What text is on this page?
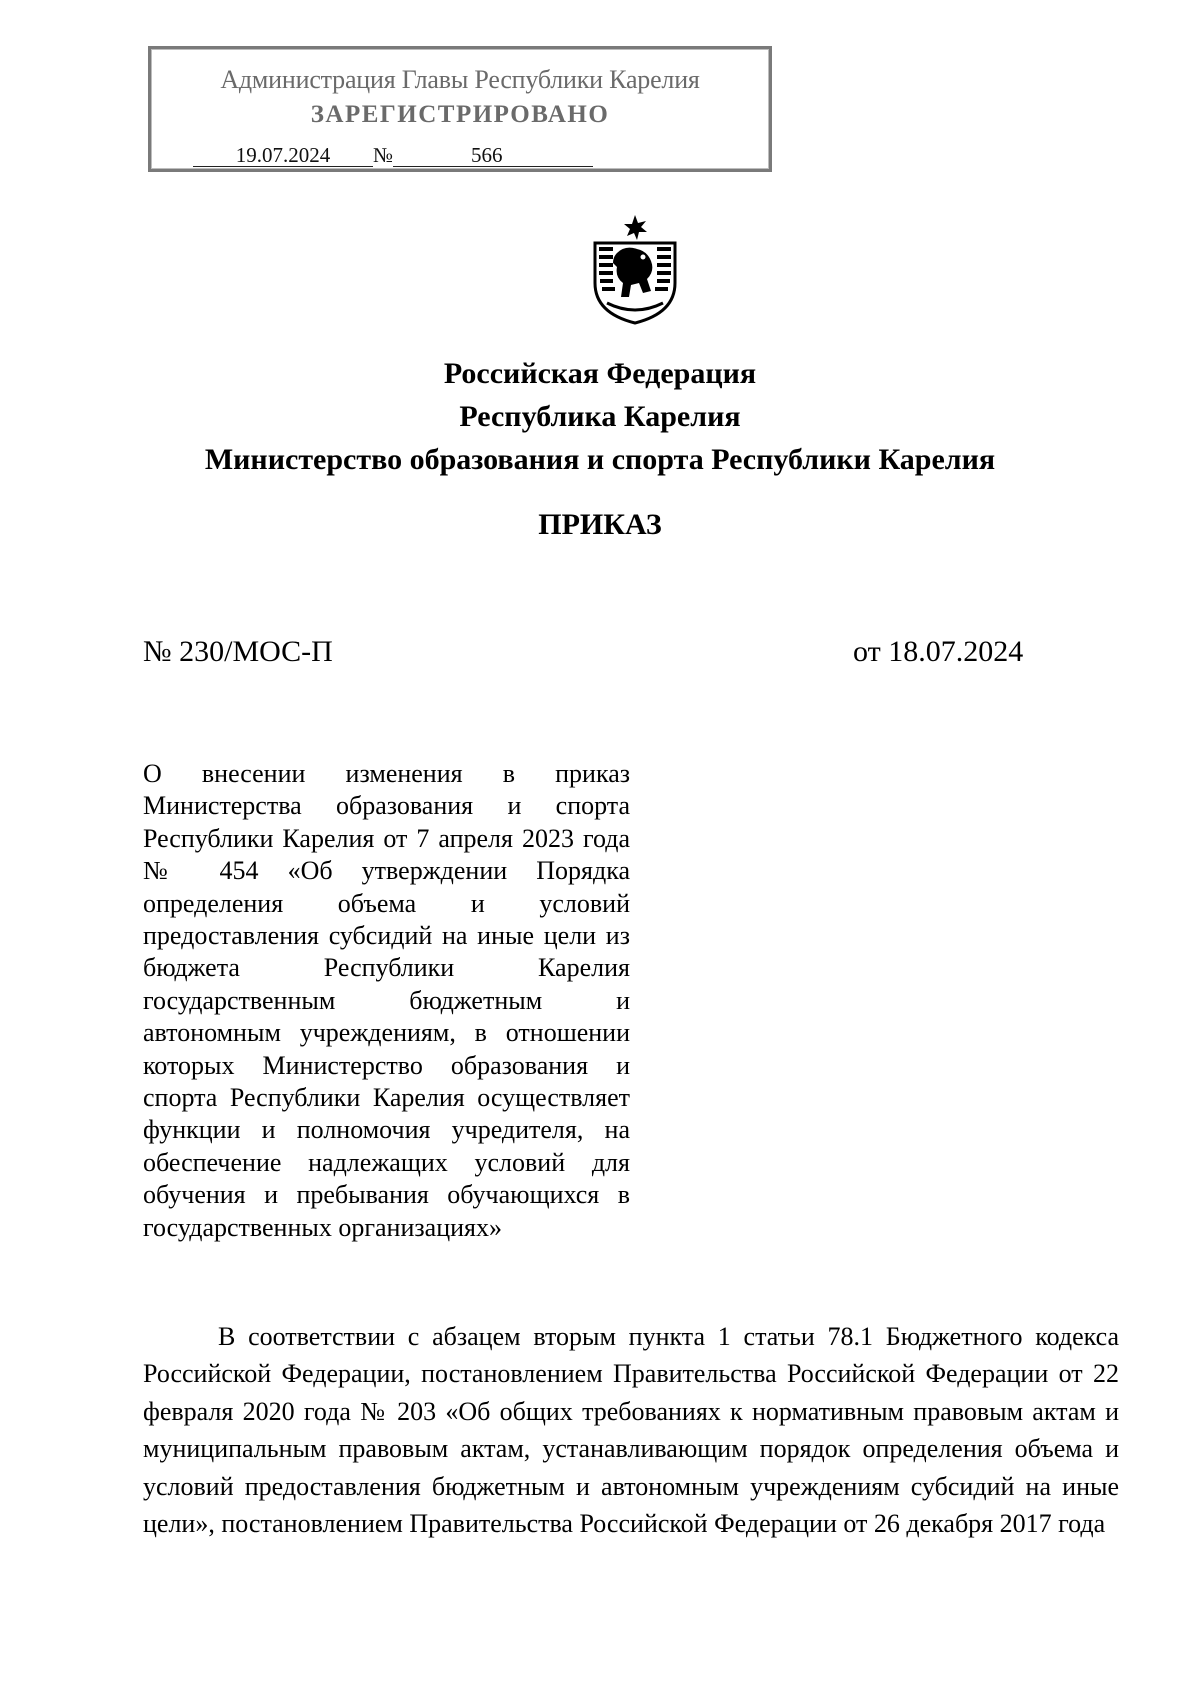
Администрация Главы Республики Карелия
ЗАРЕГИСТРИРОВАНО
19.07.2024 №	566
Российская Федерация
Республика Карелия
Министерство образования и спорта Республики Карелия
ПРИКАЗ
№ 230/МОС-П	от 18.07.2024
О внесении изменения в приказ Министерства образования и спорта Республики Карелия от 7 апреля 2023 года № 454 «Об утверждении Порядка определения объема и условий предоставления субсидий на иные цели из бюджета Республики Карелия государственным бюджетным и автономным учреждениям, в отношении которых Министерство образования и спорта Республики Карелия осуществляет функции и полномочия учредителя, на обеспечение надлежащих условий для обучения и пребывания обучающихся в государственных организациях»
В соответствии с абзацем вторым пункта 1 статьи 78.1 Бюджетного кодекса Российской Федерации, постановлением Правительства Российской Федерации от 22 февраля 2020 года № 203 «Об общих требованиях к нормативным правовым актам и муниципальным правовым актам, устанавливающим порядок определения объема и условий предоставления бюджетным и автономным учреждениям субсидий на иные цели», постановлением Правительства Российской Федерации от 26 декабря 2017 года
